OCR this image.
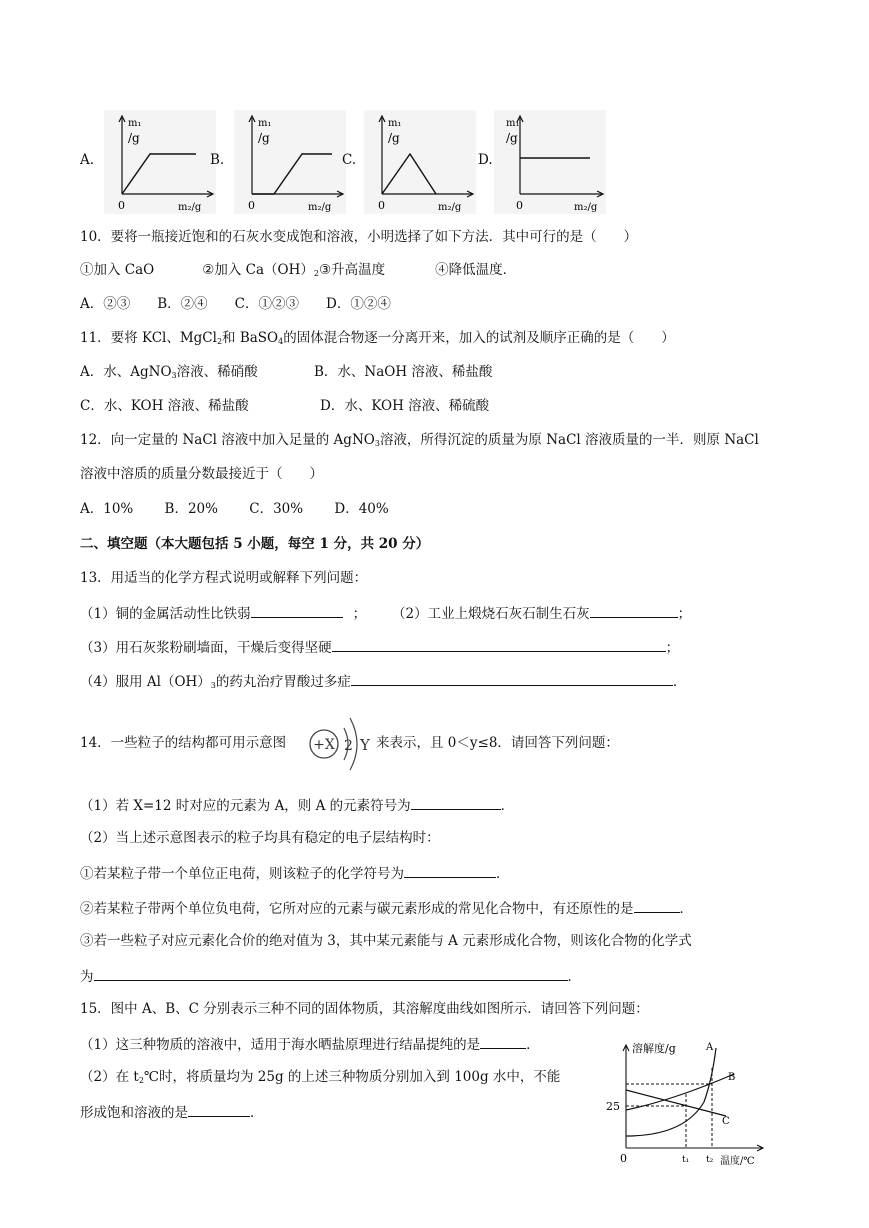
A.
m₁
/g
0	m₂/g
B.
m₁
/g
0	m₂/g
C.
m₁
/g
0	m₂/g
D.
m₁
/g
0	m₂/g
10．要将一瓶接近饱和的石灰水变成饱和溶液，小明选择了如下方法．其中可行的是（　　）
①加入 CaO	②加入 $Ca(OH)_2③$升高温度	④降低温度．
A．②③　　B．②④　　C．①②③　　D．①②④
11．要将 KCl、MgCl$_2$和 BaSO$_4$的固体混合物逐一分离开来，加入的试剂及顺序正确的是（　　）
A．水、AgNO$_3$溶液、稀硝酸	B．水、NaOH 溶液、稀盐酸
C．水、KOH 溶液、稀盐酸	D．水、KOH 溶液、稀硫酸
12．向一定量的 NaCl 溶液中加入足量的 AgNO$_3$溶液，所得沉淀的质量为原 NaCl 溶液质量的一半．则原 NaCl
溶液中溶质的质量分数最接近于（　　）
A．10%　　 B．20%　　 C．30%　　 D．40%
二、填空题（本大题包括 5 小题，每空 1 分，共 20 分）
13．用适当的化学方程式说明或解释下列问题：
（1）铜的金属活动性比铁弱	； （2）工业上煅烧石灰石制生石灰	；
（3）用石灰浆粉刷墙面，干燥后变得坚硬	；
（4）服用 $Al(OH)_3$的药丸治疗胃酸过多症	．
14．一些粒子的结构都可用示意图 +X 2 Y 来表示，且 0＜y≤8．请回答下列问题：
（1）若 X=12 时对应的元素为 A，则 A 的元素符号为	．
（2）当上述示意图表示的粒子均具有稳定的电子层结构时：
①若某粒子带一个单位正电荷，则该粒子的化学符号为	．
②若某粒子带两个单位负电荷，它所对应的元素与碳元素形成的常见化合物中，有还原性的是	．
③若一些粒子对应元素化合价的绝对值为 3，其中某元素能与 A 元素形成化合物，则该化合物的化学式
为	．
15．图中 A、B、C 分别表示三种不同的固体物质，其溶解度曲线如图所示．请回答下列问题：
（1）这三种物质的溶液中，适用于海水晒盐原理进行结晶提纯的是	．
（2）在 $t_2℃$时，将质量均为 25g 的上述三种物质分别加入到 100g 水中，不能
形成饱和溶液的是	．
溶解度/g
25
0	t₁ t₂ 温度/℃
A
B
C
